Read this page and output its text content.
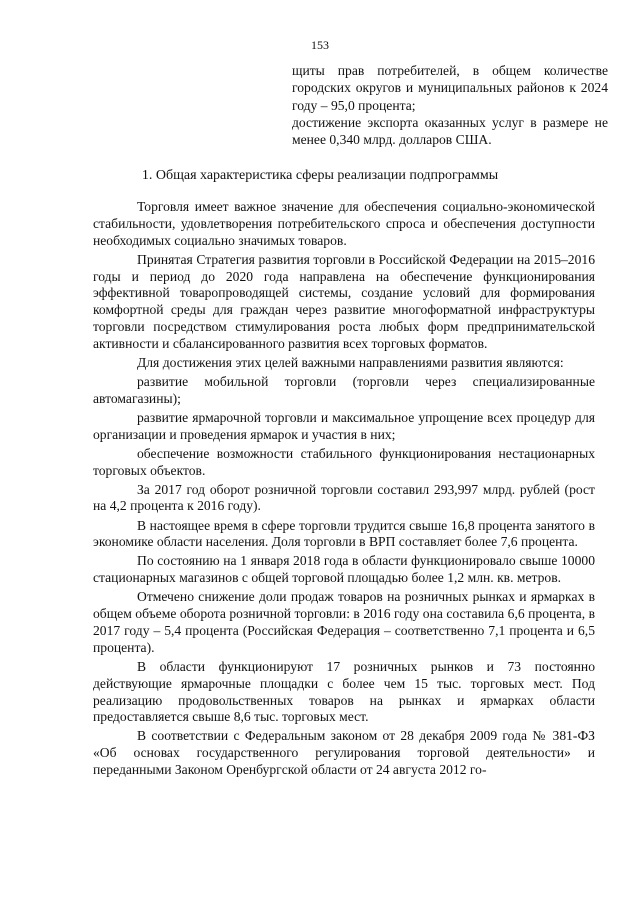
153

щиты прав потребителей, в общем количестве городских округов и муниципальных районов к 2024 году – 95,0 процента;

достижение экспорта оказанных услуг в размере не менее 0,340 млрд. долларов США.

1. Общая характеристика сферы реализации подпрограммы

Торговля имеет важное значение для обеспечения социально-экономической стабильности, удовлетворения потребительского спроса и обеспечения доступности необходимых социально значимых товаров.

Принятая Стратегия развития торговли в Российской Федерации на 2015–2016 годы и период до 2020 года направлена на обеспечение функционирования эффективной товаропроводящей системы, создание условий для формирования комфортной среды для граждан через развитие многоформатной инфраструктуры торговли посредством стимулирования роста любых форм предпринимательской активности и сбалансированного развития всех торговых форматов.

Для достижения этих целей важными направлениями развития являются:

развитие мобильной торговли (торговли через специализированные автомагазины);

развитие ярмарочной торговли и максимальное упрощение всех процедур для организации и проведения ярмарок и участия в них;

обеспечение возможности стабильного функционирования нестационарных торговых объектов.

За 2017 год оборот розничной торговли составил 293,997 млрд. рублей (рост на 4,2 процента к 2016 году).

В настоящее время в сфере торговли трудится свыше 16,8 процента занятого в экономике области населения. Доля торговли в ВРП составляет более 7,6 процента.

По состоянию на 1 января 2018 года в области функционировало свыше 10000 стационарных магазинов с общей торговой площадью более 1,2 млн. кв. метров.

Отмечено снижение доли продаж товаров на розничных рынках и ярмарках в общем объеме оборота розничной торговли: в 2016 году она составила 6,6 процента, в 2017 году – 5,4 процента (Российская Федерация – соответственно 7,1 процента и 6,5 процента).

В области функционируют 17 розничных рынков и 73 постоянно действующие ярмарочные площадки с более чем 15 тыс. торговых мест. Под реализацию продовольственных товаров на рынках и ярмарках области предоставляется свыше 8,6 тыс. торговых мест.

В соответствии с Федеральным законом от 28 декабря 2009 года № 381-ФЗ «Об основах государственного регулирования торговой деятельности» и переданными Законом Оренбургской области от 24 августа 2012 го-
